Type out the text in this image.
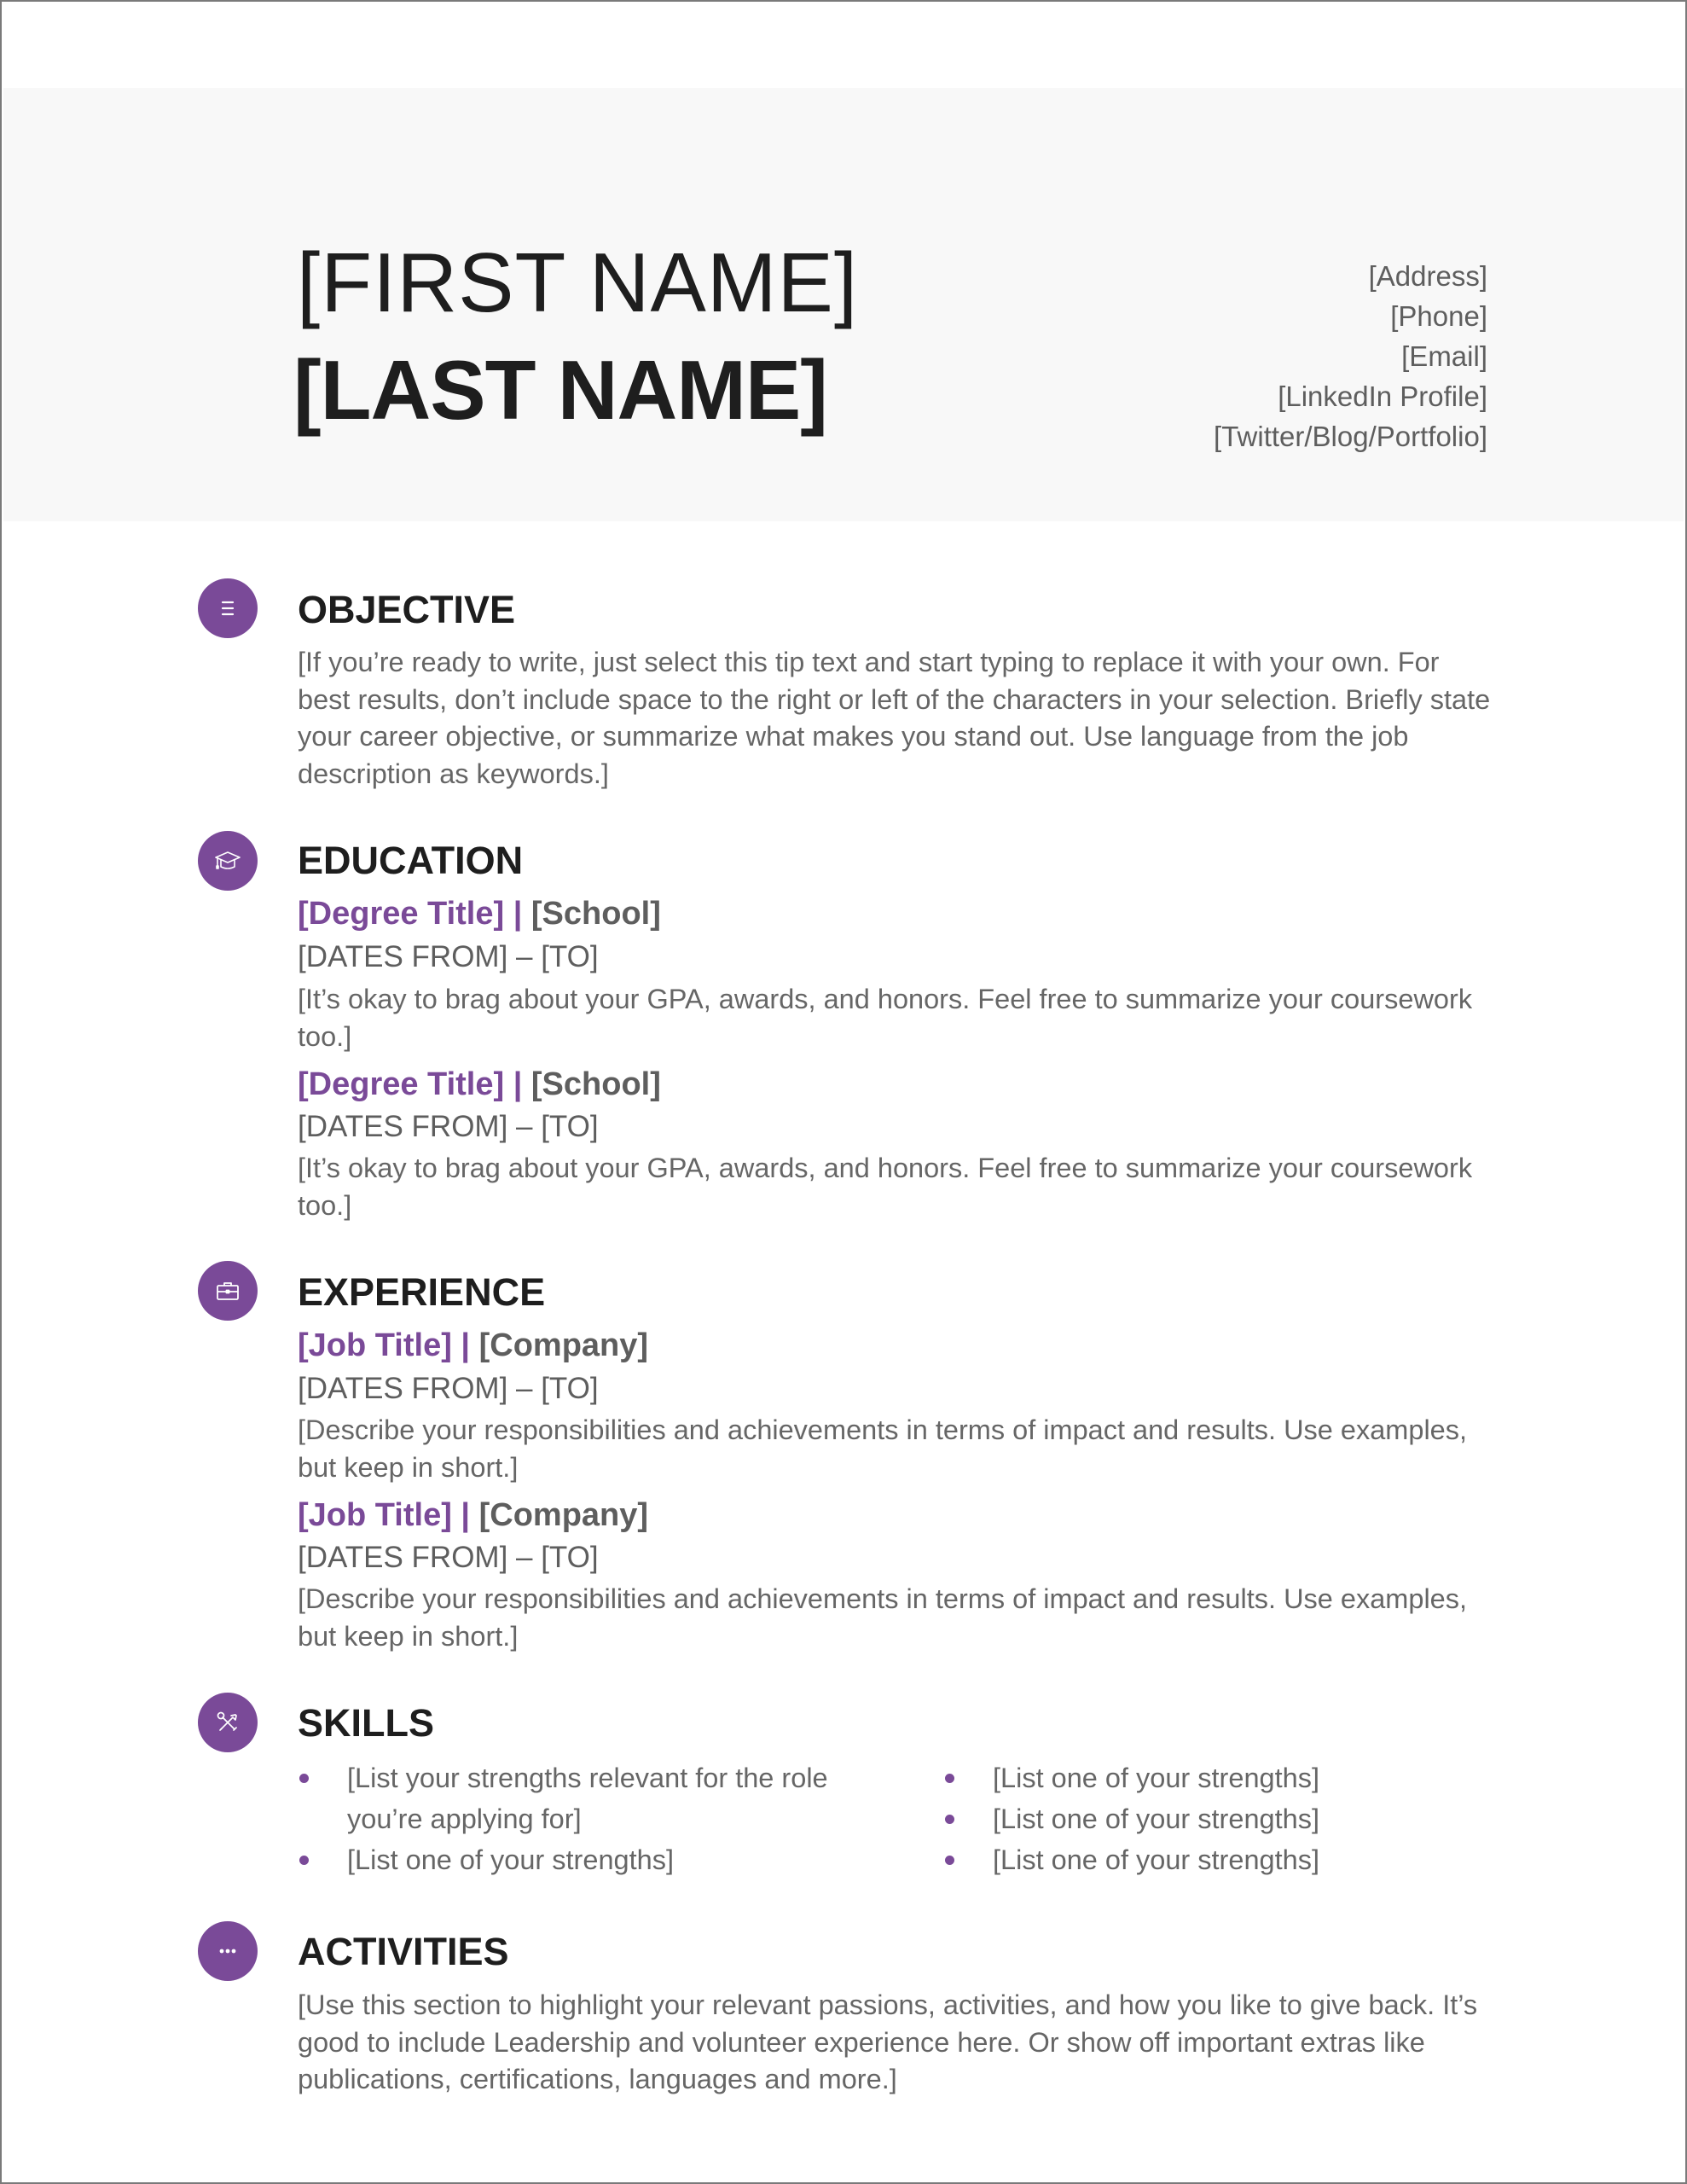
[FIRST NAME]
[LAST NAME]
[Address]
[Phone]
[Email]
[LinkedIn Profile]
[Twitter/Blog/Portfolio]
OBJECTIVE
[If you’re ready to write, just select this tip text and start typing to replace it with your own. For best results, don’t include space to the right or left of the characters in your selection. Briefly state your career objective, or summarize what makes you stand out. Use language from the job description as keywords.]
EDUCATION
[Degree Title] | [School]
[DATES FROM] – [TO]
[It’s okay to brag about your GPA, awards, and honors. Feel free to summarize your coursework too.]
[Degree Title] | [School]
[DATES FROM] – [TO]
[It’s okay to brag about your GPA, awards, and honors. Feel free to summarize your coursework too.]
EXPERIENCE
[Job Title] | [Company]
[DATES FROM] – [TO]
[Describe your responsibilities and achievements in terms of impact and results. Use examples, but keep in short.]
[Job Title] | [Company]
[DATES FROM] – [TO]
[Describe your responsibilities and achievements in terms of impact and results. Use examples, but keep in short.]
SKILLS
[List your strengths relevant for the role you’re applying for]
[List one of your strengths]
[List one of your strengths]
[List one of your strengths]
[List one of your strengths]
ACTIVITIES
[Use this section to highlight your relevant passions, activities, and how you like to give back. It’s good to include Leadership and volunteer experience here. Or show off important extras like publications, certifications, languages and more.]
